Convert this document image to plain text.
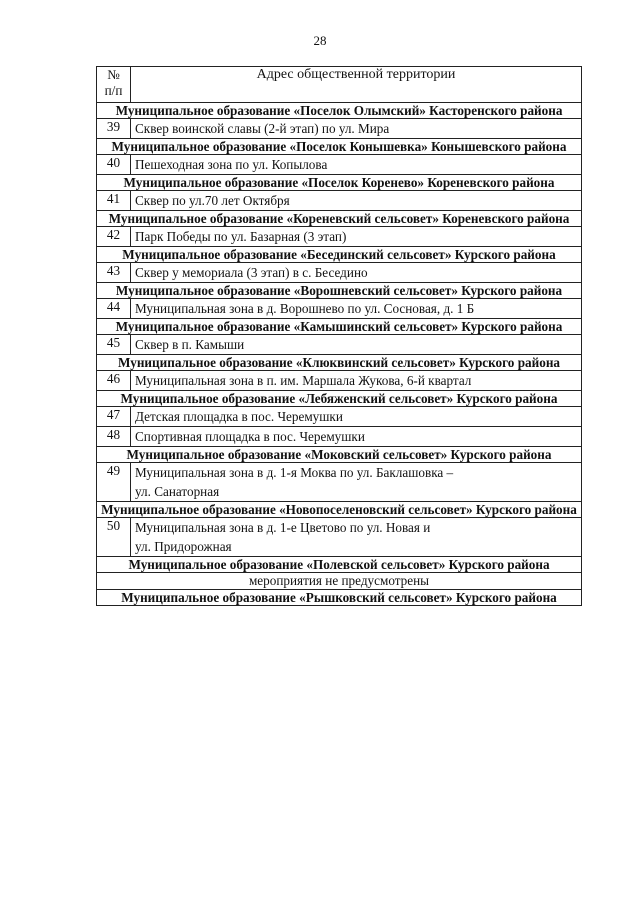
28
№
п/п	Адрес общественной территории
Муниципальное образование «Поселок Олымский» Касторенского района	
39	Сквер воинской славы (2-й этап) по ул. Мира

Муниципальное образование «Поселок Конышевка» Конышевского района	
40	Пешеходная зона по ул. Копылова

Муниципальное образование «Поселок Коренево» Кореневского района	
41	Сквер по ул.70 лет Октября

Муниципальное образование «Кореневский сельсовет» Кореневского района	
42	Парк Победы по ул. Базарная (3 этап)

Муниципальное образование «Бесединский сельсовет» Курского района	
43	Сквер у мемориала (3 этап) в с. Беседино

Муниципальное образование «Ворошневский сельсовет» Курского района	
44	Муниципальная зона в д. Ворошнево по ул. Сосновая, д. 1 Б

Муниципальное образование «Камышинский сельсовет» Курского района	
45	Сквер в п. Камыши

Муниципальное образование «Клюквинский сельсовет» Курского района	
46	Муниципальная зона в п. им. Маршала Жукова, 6-й квартал

Муниципальное образование «Лебяженский сельсовет» Курского района	
47	Детская площадка в пос. Черемушки

48	Спортивная площадка в пос. Черемушки

Муниципальное образование «Моковский сельсовет» Курского района	
49	Муниципальная зона в д. 1-я Моква по ул. Баклашовка –
ул. Санаторная

Муниципальное образование «Новопоселеновский сельсовет» Курского района	
50	Муниципальная зона в д. 1-е Цветово по ул. Новая и
ул. Придорожная

Муниципальное образование «Полевской сельсовет» Курского района	
мероприятия не предусмотрены	
Муниципальное образование «Рышковский сельсовет» Курского района	
